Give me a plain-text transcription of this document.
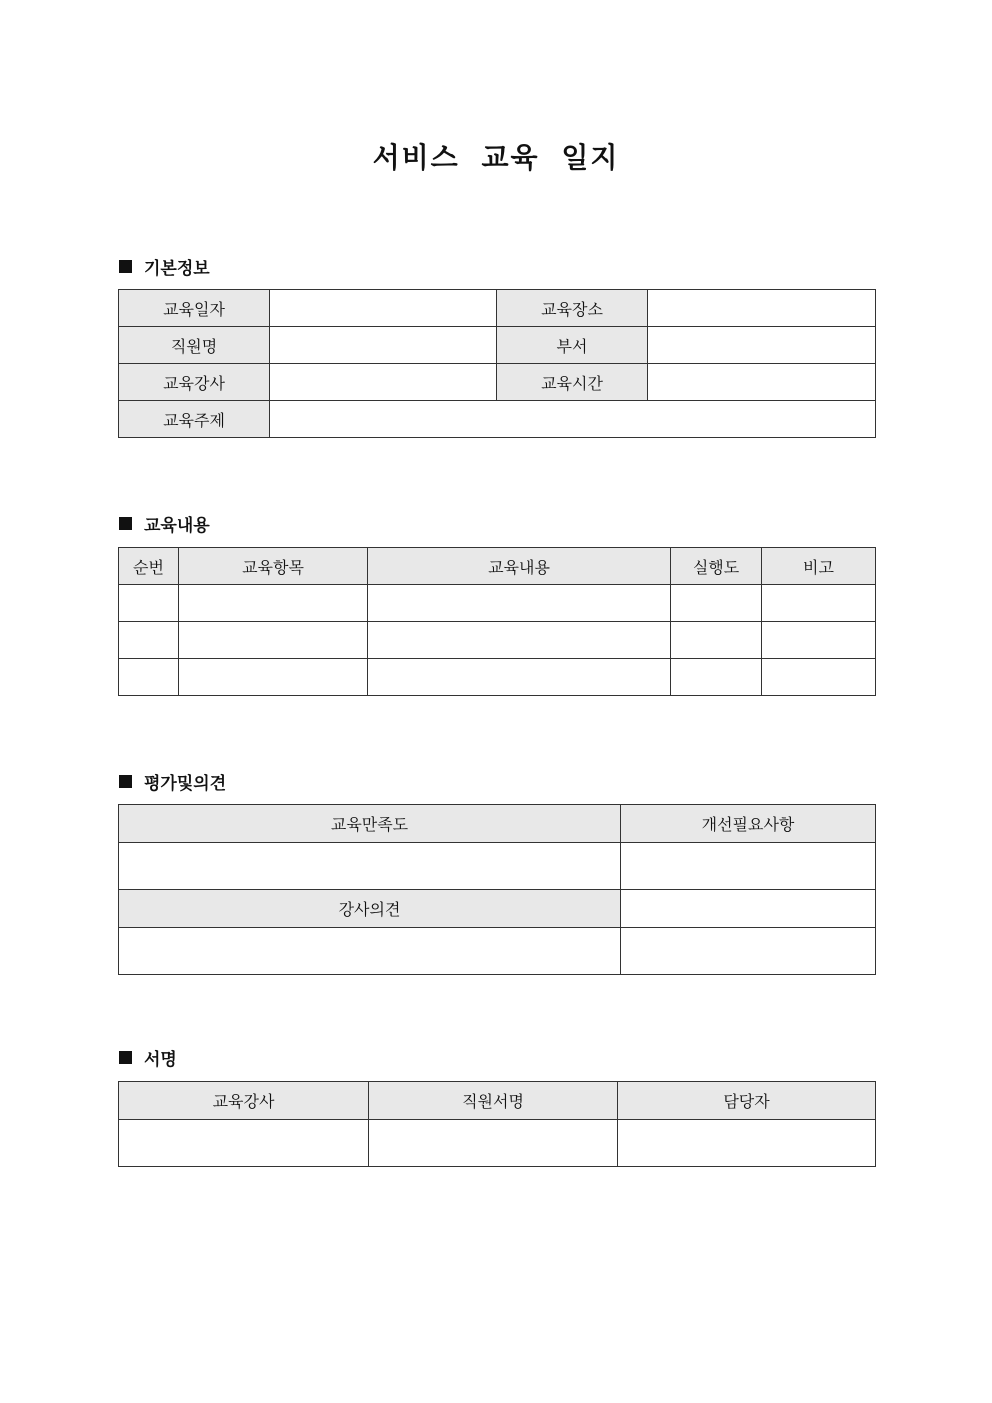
서비스 교육 일지
기본정보
교육일자		교육장소	
직원명		부서	
교육강사		교육시간	
교육주제			
교육내용
순번	교육항목	교육내용	실행도	비고

평가및의견
교육만족도	개선필요사항

강사의견	

서명
교육강사	직원서명	담당자
